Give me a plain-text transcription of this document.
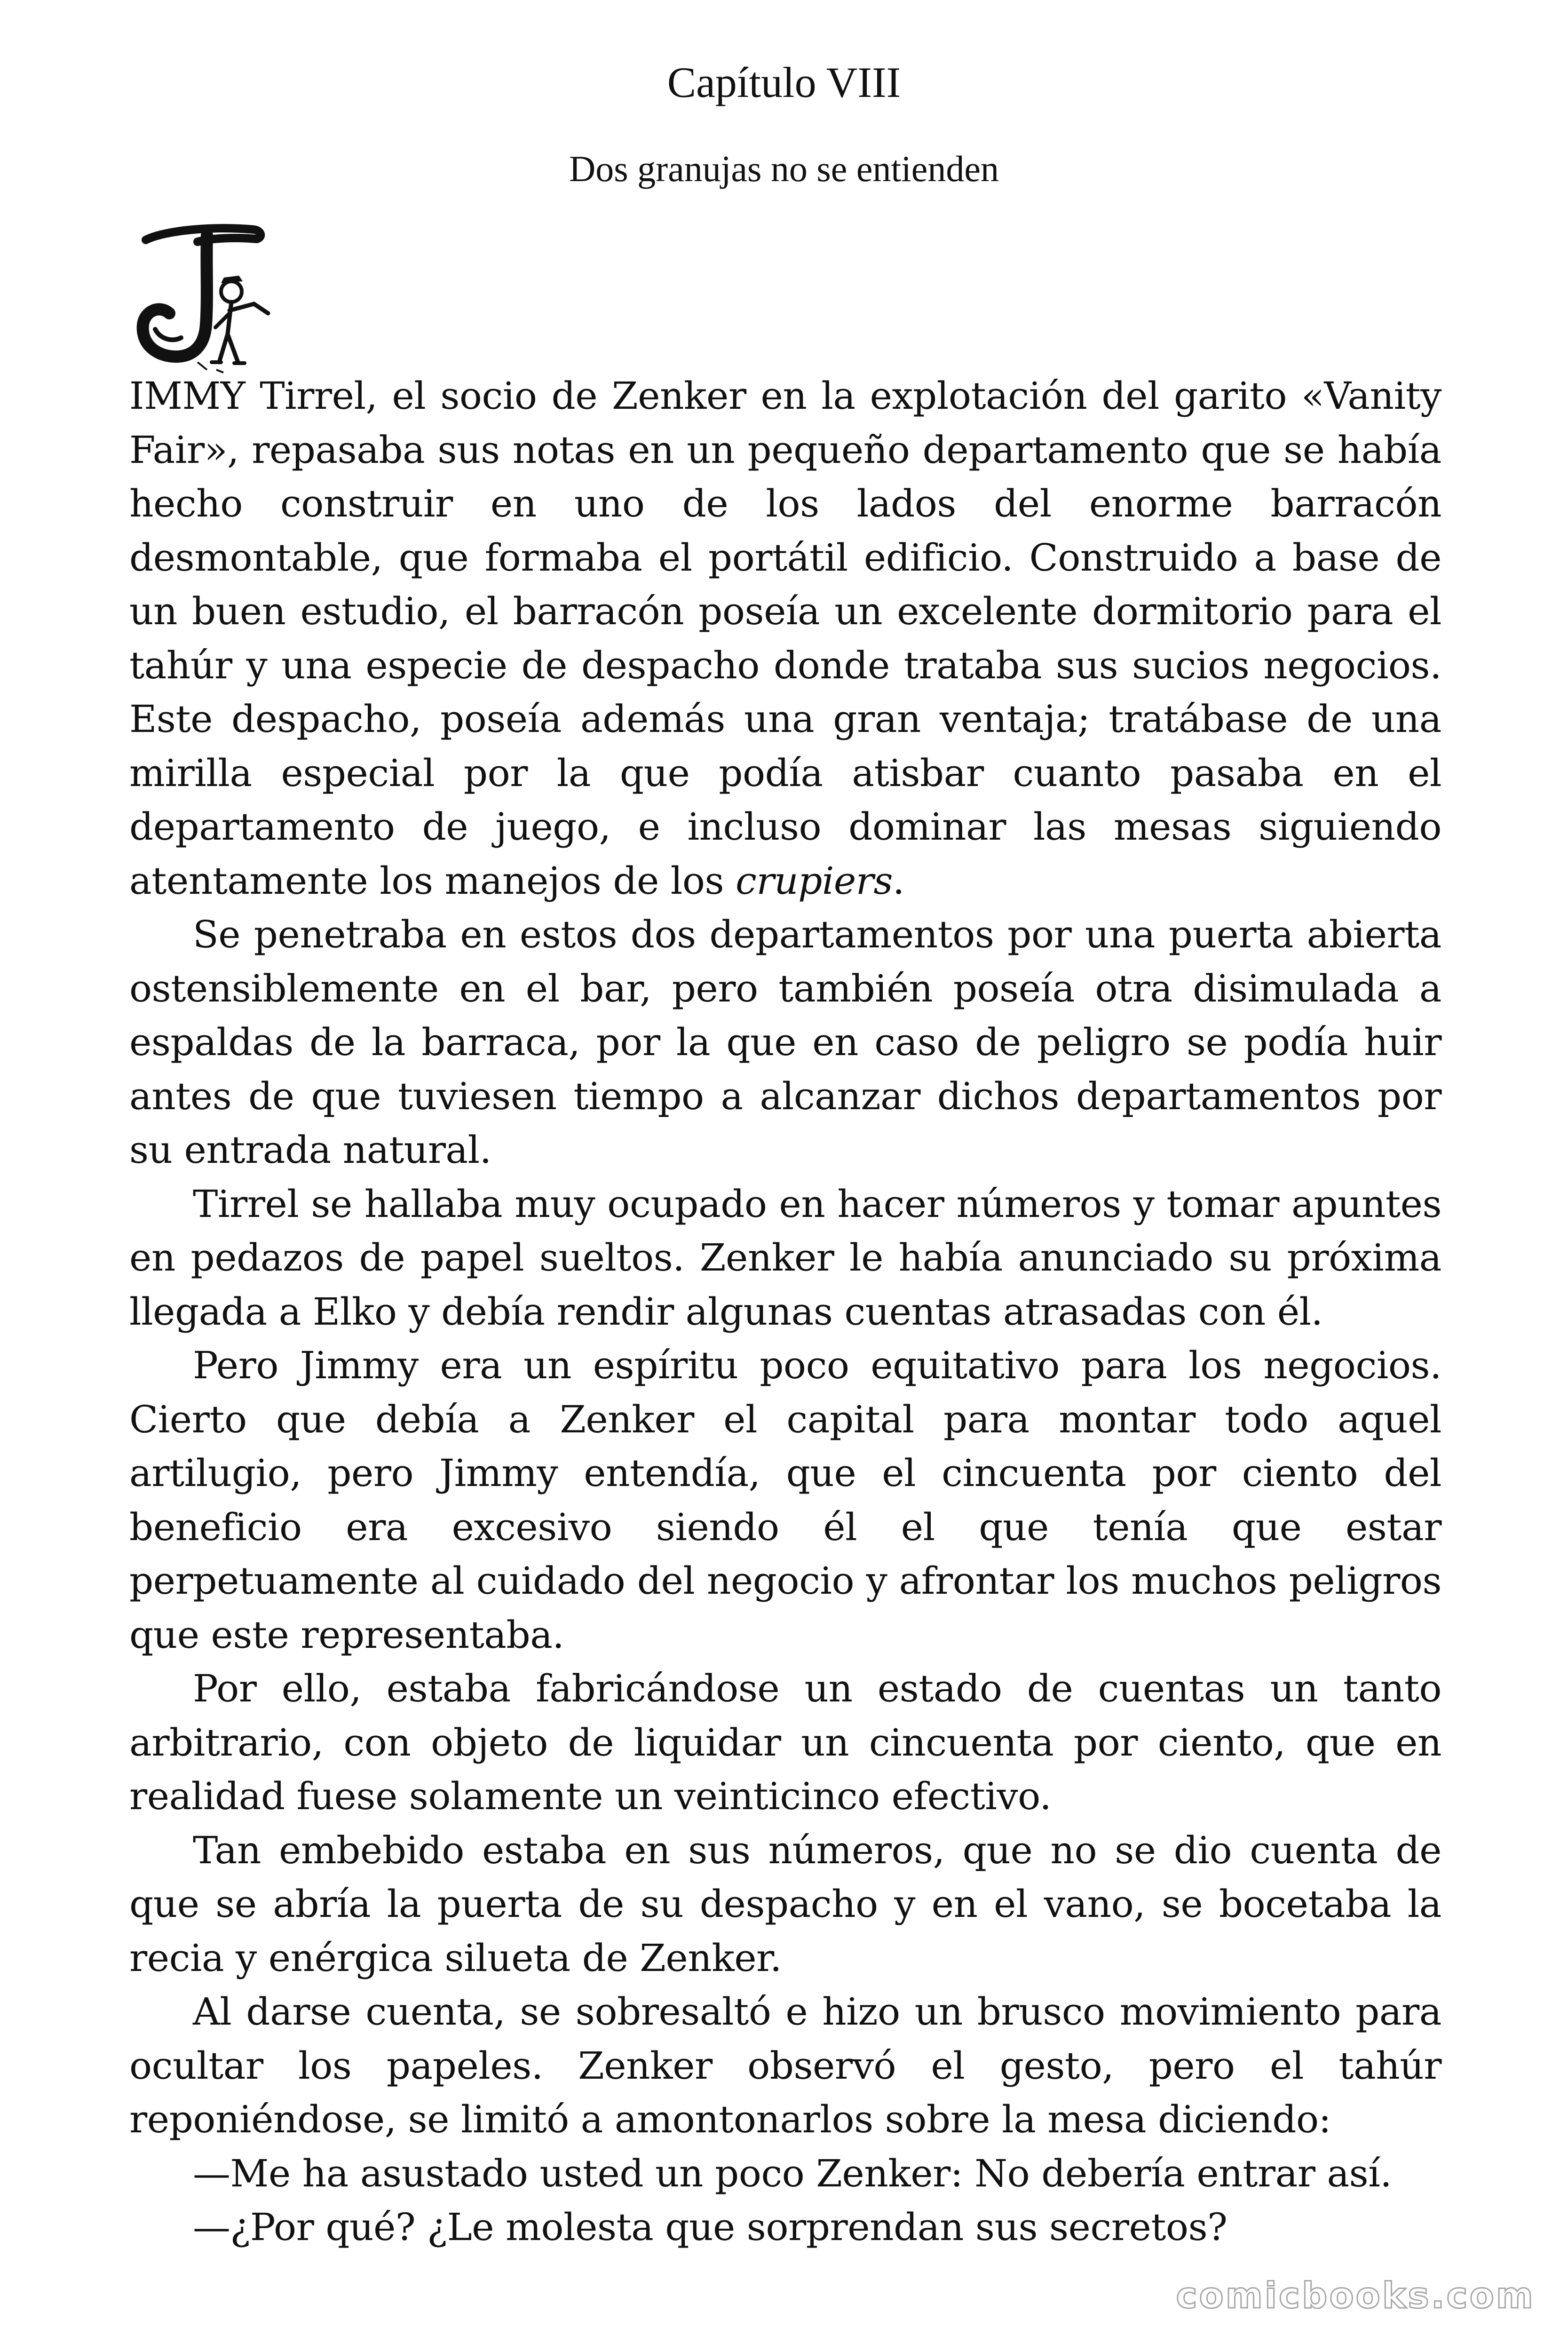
Capítulo VIII
Dos granujas no se entienden

IMMY Tirrel, el socio de Zenker en la explotación del garito «Vanity Fair», repasaba sus notas en un pequeño departamento que se había hecho construir en uno de los lados del enorme barracón desmontable, que formaba el portátil edificio. Construido a base de un buen estudio, el barracón poseía un excelente dormitorio para el tahúr y una especie de despacho donde trataba sus sucios negocios. Este despacho, poseía además una gran ventaja; tratábase de una mirilla especial por la que podía atisbar cuanto pasaba en el departamento de juego, e incluso dominar las mesas siguiendo atentamente los manejos de los crupiers.

Se penetraba en estos dos departamentos por una puerta abierta ostensiblemente en el bar, pero también poseía otra disimulada a espaldas de la barraca, por la que en caso de peligro se podía huir antes de que tuviesen tiempo a alcanzar dichos departamentos por su entrada natural.

Tirrel se hallaba muy ocupado en hacer números y tomar apuntes en pedazos de papel sueltos. Zenker le había anunciado su próxima llegada a Elko y debía rendir algunas cuentas atrasadas con él.

Pero Jimmy era un espíritu poco equitativo para los negocios. Cierto que debía a Zenker el capital para montar todo aquel artilugio, pero Jimmy entendía, que el cincuenta por ciento del beneficio era excesivo siendo él el que tenía que estar perpetuamente al cuidado del negocio y afrontar los muchos peligros que este representaba.

Por ello, estaba fabricándose un estado de cuentas un tanto arbitrario, con objeto de liquidar un cincuenta por ciento, que en realidad fuese solamente un veinticinco efectivo.

Tan embebido estaba en sus números, que no se dio cuenta de que se abría la puerta de su despacho y en el vano, se bocetaba la recia y enérgica silueta de Zenker.

Al darse cuenta, se sobresaltó e hizo un brusco movimiento para ocultar los papeles. Zenker observó el gesto, pero el tahúr reponiéndose, se limitó a amontonarlos sobre la mesa diciendo:

—Me ha asustado usted un poco Zenker: No debería entrar así.

—¿Por qué? ¿Le molesta que sorprendan sus secretos?

comicbooks.com
